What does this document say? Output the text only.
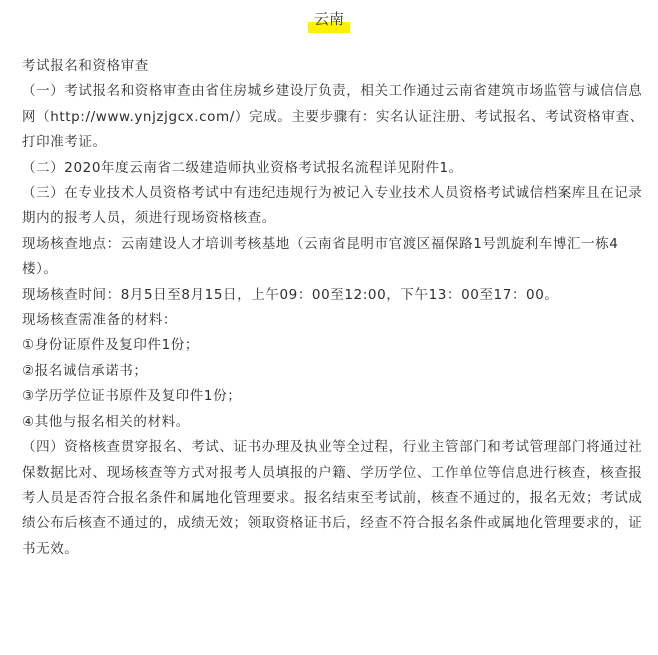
云南

考试报名和资格审查

（一）考试报名和资格审查由省住房城乡建设厅负责，相关工作通过云南省建筑市场监管与诚信信息网（http://www.ynjzjgcx.com/）完成。主要步骤有：实名认证注册、考试报名、考试资格审查、打印准考证。

（二）2020年度云南省二级建造师执业资格考试报名流程详见附件1。

（三）在专业技术人员资格考试中有违纪违规行为被记入专业技术人员资格考试诚信档案库且在记录期内的报考人员，须进行现场资格核查。

现场核查地点：云南建设人才培训考核基地（云南省昆明市官渡区福保路1号凯旋利车博汇一栋4楼）。

现场核查时间：8月5日至8月15日，上午09：00至12:00，下午13：00至17：00。

现场核查需准备的材料：

①身份证原件及复印件1份；

②报名诚信承诺书；

③学历学位证书原件及复印件1份；

④其他与报名相关的材料。

（四）资格核查贯穿报名、考试、证书办理及执业等全过程，行业主管部门和考试管理部门将通过社保数据比对、现场核查等方式对报考人员填报的户籍、学历学位、工作单位等信息进行核查，核查报考人员是否符合报名条件和属地化管理要求。报名结束至考试前，核查不通过的，报名无效；考试成绩公布后核查不通过的，成绩无效；领取资格证书后，经查不符合报名条件或属地化管理要求的，证书无效。
